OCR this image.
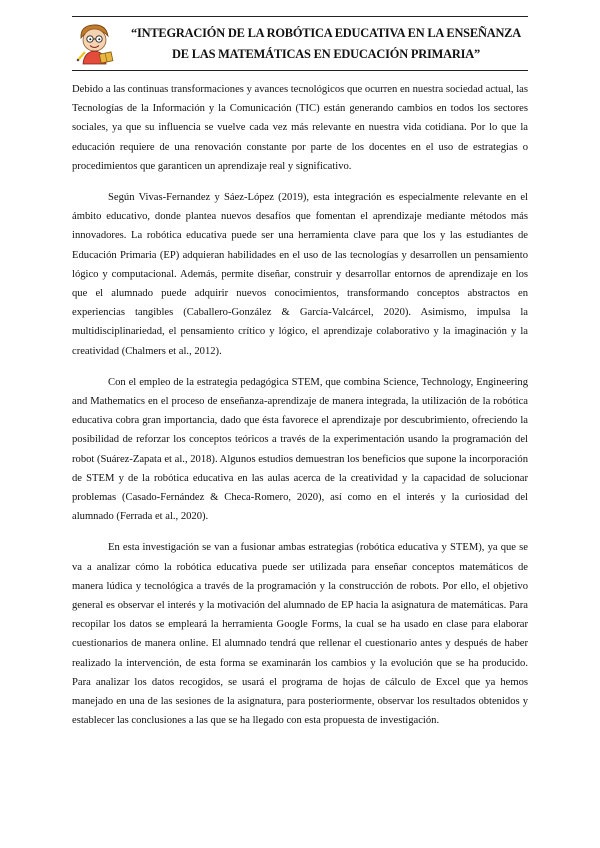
“INTEGRACIÓN DE LA ROBÓTICA EDUCATIVA EN LA ENSEÑANZA
DE LAS MATEMÁTICAS EN EDUCACIÓN PRIMARIA”

Debido a las continuas transformaciones y avances tecnológicos que ocurren en nuestra sociedad actual, las Tecnologías de la Información y la Comunicación (TIC) están generando cambios en todos los sectores sociales, ya que su influencia se vuelve cada vez más relevante en nuestra vida cotidiana. Por lo que la educación requiere de una renovación constante por parte de los docentes en el uso de estrategias o procedimientos que garanticen un aprendizaje real y significativo.

Según Vivas-Fernandez y Sáez-López (2019), esta integración es especialmente relevante en el ámbito educativo, donde plantea nuevos desafíos que fomentan el aprendizaje mediante métodos más innovadores. La robótica educativa puede ser una herramienta clave para que los y las estudiantes de Educación Primaria (EP) adquieran habilidades en el uso de las tecnologías y desarrollen un pensamiento lógico y computacional. Además, permite diseñar, construir y desarrollar entornos de aprendizaje en los que el alumnado puede adquirir nuevos conocimientos, transformando conceptos abstractos en experiencias tangibles (Caballero-González & García-Valcárcel, 2020). Asimismo, impulsa la multidisciplinariedad, el pensamiento crítico y lógico, el aprendizaje colaborativo y la imaginación y la creatividad (Chalmers et al., 2012).

Con el empleo de la estrategia pedagógica STEM, que combina Science, Technology, Engineering and Mathematics en el proceso de enseñanza-aprendizaje de manera integrada, la utilización de la robótica educativa cobra gran importancia, dado que ésta favorece el aprendizaje por descubrimiento, ofreciendo la posibilidad de reforzar los conceptos teóricos a través de la experimentación usando la programación del robot (Suárez-Zapata et al., 2018). Algunos estudios demuestran los beneficios que supone la incorporación de STEM y de la robótica educativa en las aulas acerca de la creatividad y la capacidad de solucionar problemas (Casado-Fernández & Checa-Romero, 2020), así como en el interés y la curiosidad del alumnado (Ferrada et al., 2020).

En esta investigación se van a fusionar ambas estrategias (robótica educativa y STEM), ya que se va a analizar cómo la robótica educativa puede ser utilizada para enseñar conceptos matemáticos de manera lúdica y tecnológica a través de la programación y la construcción de robots. Por ello, el objetivo general es observar el interés y la motivación del alumnado de EP hacia la asignatura de matemáticas. Para recopilar los datos se empleará la herramienta Google Forms, la cual se ha usado en clase para elaborar cuestionarios de manera online. El alumnado tendrá que rellenar el cuestionario antes y después de haber realizado la intervención, de esta forma se examinarán los cambios y la evolución que se ha producido. Para analizar los datos recogidos, se usará el programa de hojas de cálculo de Excel que ya hemos manejado en una de las sesiones de la asignatura, para posteriormente, observar los resultados obtenidos y establecer las conclusiones a las que se ha llegado con esta propuesta de investigación.
